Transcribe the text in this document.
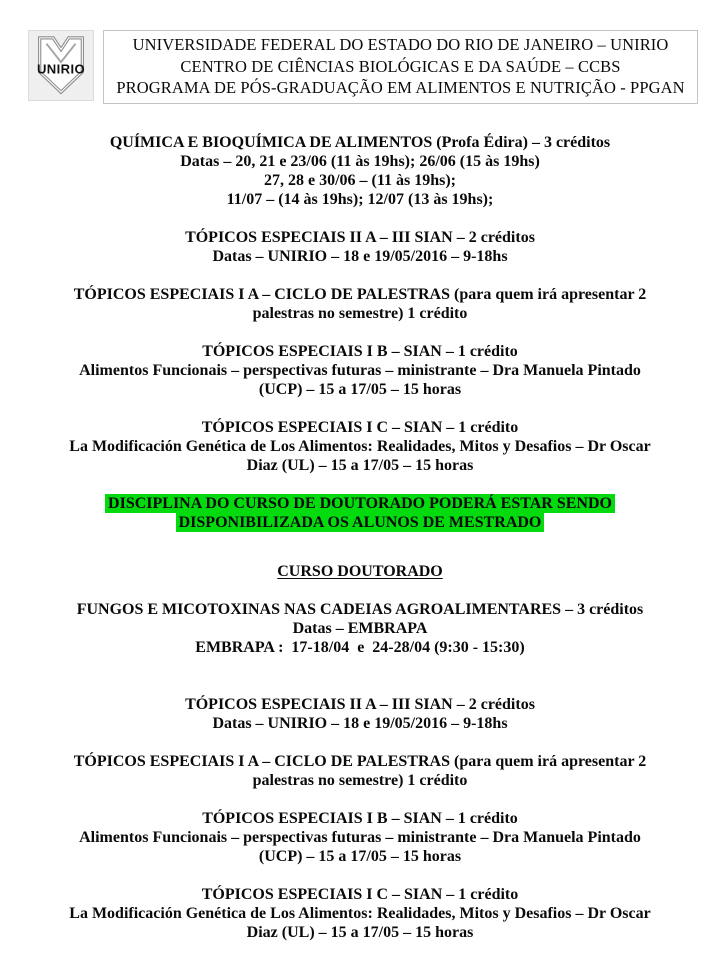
UNIRIO
UNIVERSIDADE FEDERAL DO ESTADO DO RIO DE JANEIRO – UNIRIO
CENTRO DE CIÊNCIAS BIOLÓGICAS E DA SAÚDE – CCBS
PROGRAMA DE PÓS-GRADUAÇÃO EM ALIMENTOS E NUTRIÇÃO - PPGAN
QUÍMICA E BIOQUÍMICA DE ALIMENTOS (Profa Édira) – 3 créditos
Datas – 20, 21 e 23/06 (11 às 19hs); 26/06 (15 às 19hs)
27, 28 e 30/06 – (11 às 19hs);
11/07 – (14 às 19hs); 12/07 (13 às 19hs);
TÓPICOS ESPECIAIS II A – III SIAN – 2 créditos
Datas – UNIRIO – 18 e 19/05/2016 – 9-18hs
TÓPICOS ESPECIAIS I A – CICLO DE PALESTRAS (para quem irá apresentar 2
palestras no semestre) 1 crédito
TÓPICOS ESPECIAIS I B – SIAN – 1 crédito
Alimentos Funcionais – perspectivas futuras – ministrante – Dra Manuela Pintado
(UCP) – 15 a 17/05 – 15 horas
TÓPICOS ESPECIAIS I C – SIAN – 1 crédito
La Modificación Genética de Los Alimentos: Realidades, Mitos y Desafios – Dr Oscar
Diaz (UL) – 15 a 17/05 – 15 horas
DISCIPLINA DO CURSO DE DOUTORADO PODERÁ ESTAR SENDO
DISPONIBILIZADA OS ALUNOS DE MESTRADO
CURSO DOUTORADO
FUNGOS E MICOTOXINAS NAS CADEIAS AGROALIMENTARES – 3 créditos
Datas – EMBRAPA
EMBRAPA :  17-18/04  e  24-28/04 (9:30 - 15:30)
TÓPICOS ESPECIAIS II A – III SIAN – 2 créditos
Datas – UNIRIO – 18 e 19/05/2016 – 9-18hs
TÓPICOS ESPECIAIS I A – CICLO DE PALESTRAS (para quem irá apresentar 2
palestras no semestre) 1 crédito
TÓPICOS ESPECIAIS I B – SIAN – 1 crédito
Alimentos Funcionais – perspectivas futuras – ministrante – Dra Manuela Pintado
(UCP) – 15 a 17/05 – 15 horas
TÓPICOS ESPECIAIS I C – SIAN – 1 crédito
La Modificación Genética de Los Alimentos: Realidades, Mitos y Desafios – Dr Oscar
Diaz (UL) – 15 a 17/05 – 15 horas
